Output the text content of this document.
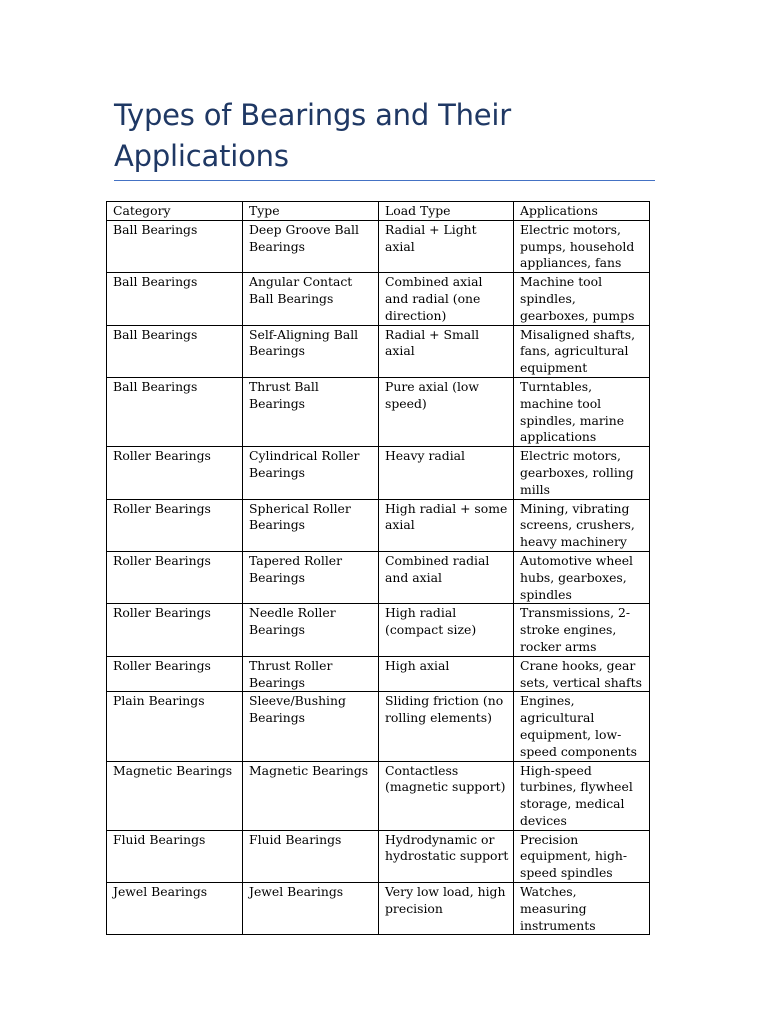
Types of Bearings and Their Applications
Category	Type	Load Type	Applications
Ball Bearings	Deep Groove Ball Bearings	Radial + Light axial	Electric motors, pumps, household appliances, fans
Ball Bearings	Angular Contact Ball Bearings	Combined axial and radial (one direction)	Machine tool spindles, gearboxes, pumps
Ball Bearings	Self-Aligning Ball Bearings	Radial + Small axial	Misaligned shafts, fans, agricultural equipment
Ball Bearings	Thrust Ball Bearings	Pure axial (low speed)	Turntables, machine tool spindles, marine applications
Roller Bearings	Cylindrical Roller Bearings	Heavy radial	Electric motors, gearboxes, rolling mills
Roller Bearings	Spherical Roller Bearings	High radial + some axial	Mining, vibrating screens, crushers, heavy machinery
Roller Bearings	Tapered Roller Bearings	Combined radial and axial	Automotive wheel hubs, gearboxes, spindles
Roller Bearings	Needle Roller Bearings	High radial (compact size)	Transmissions, 2-stroke engines, rocker arms
Roller Bearings	Thrust Roller Bearings	High axial	Crane hooks, gear sets, vertical shafts
Plain Bearings	Sleeve/Bushing Bearings	Sliding friction (no rolling elements)	Engines, agricultural equipment, low-speed components
Magnetic Bearings	Magnetic Bearings	Contactless (magnetic support)	High-speed turbines, flywheel storage, medical devices
Fluid Bearings	Fluid Bearings	Hydrodynamic or hydrostatic support	Precision equipment, high-speed spindles
Jewel Bearings	Jewel Bearings	Very low load, high precision	Watches, measuring instruments
